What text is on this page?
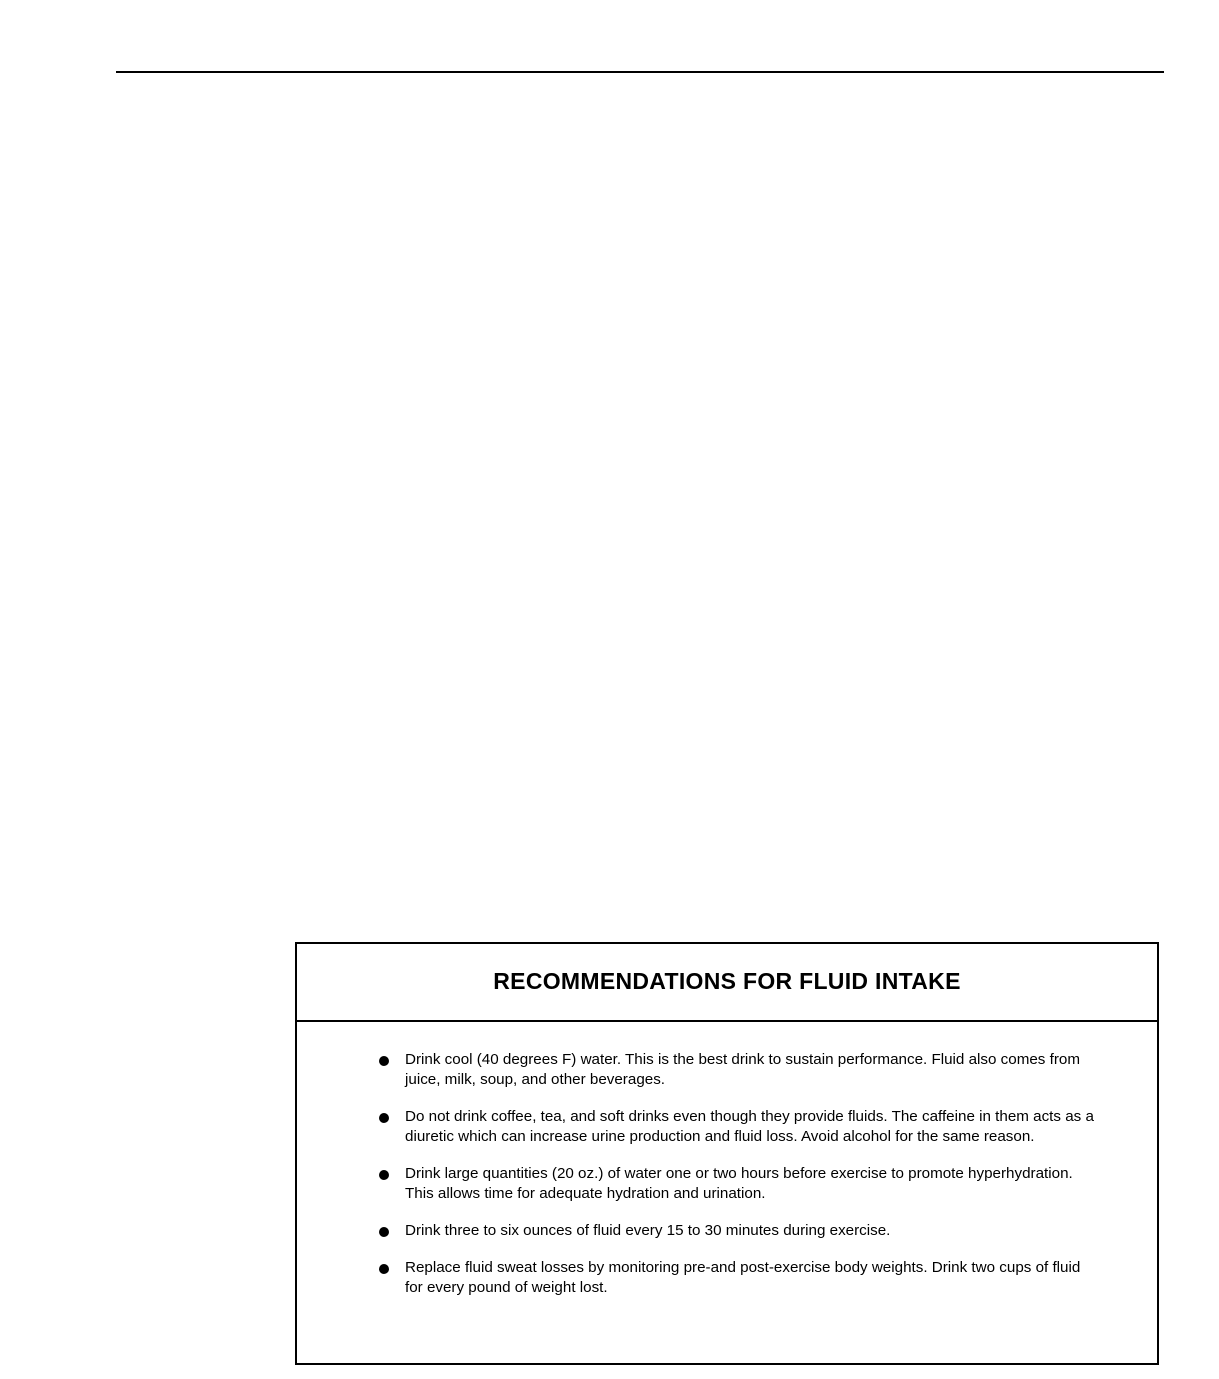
RECOMMENDATIONS FOR FLUID INTAKE
Drink cool (40 degrees F) water. This is the best drink to sustain performance. Fluid also comes from juice, milk, soup, and other beverages.
Do not drink coffee, tea, and soft drinks even though they provide fluids. The caffeine in them acts as a diuretic which can increase urine production and fluid loss. Avoid alcohol for the same reason.
Drink large quantities (20 oz.) of water one or two hours before exercise to promote hyperhydration. This allows time for adequate hydration and urination.
Drink three to six ounces of fluid every 15 to 30 minutes during exercise.
Replace fluid sweat losses by monitoring pre-and post-exercise body weights. Drink two cups of fluid for every pound of weight lost.
